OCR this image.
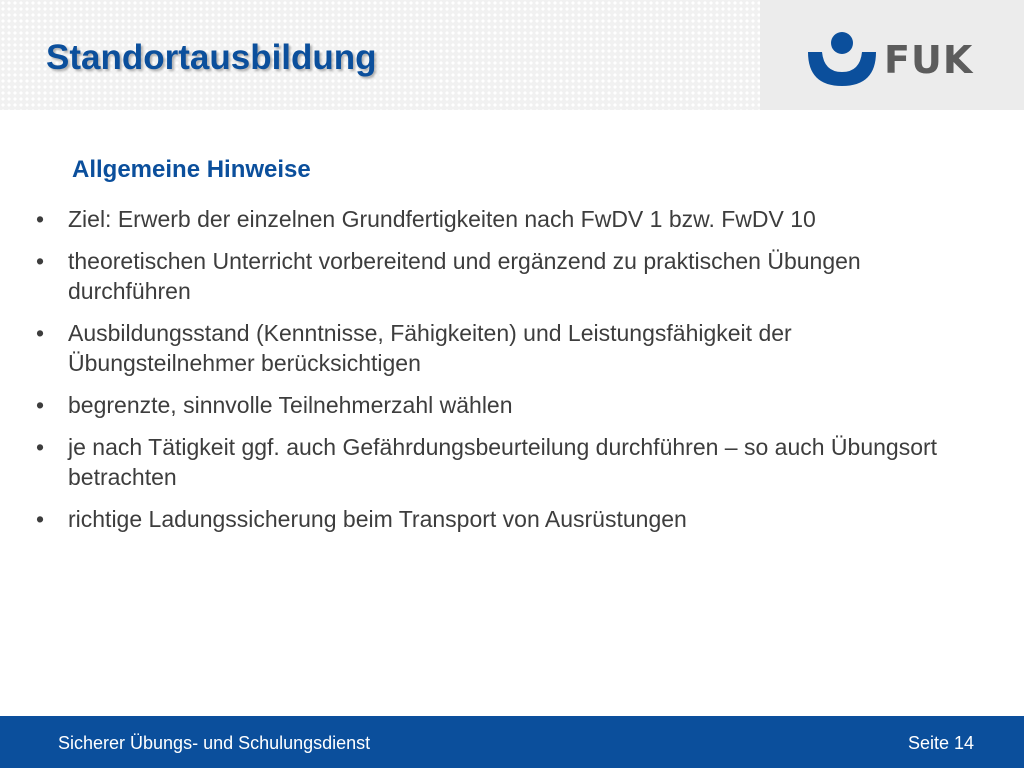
Standortausbildung	FUK
Allgemeine Hinweise
•	Ziel: Erwerb der einzelnen Grundfertigkeiten nach FwDV 1 bzw. FwDV 10
•	theoretischen Unterricht vorbereitend und ergänzend zu praktischen Übungen durchführen
•	Ausbildungsstand (Kenntnisse, Fähigkeiten) und Leistungsfähigkeit der Übungsteilnehmer berücksichtigen
•	begrenzte, sinnvolle Teilnehmerzahl wählen
•	je nach Tätigkeit ggf. auch Gefährdungsbeurteilung durchführen – so auch Übungsort betrachten
•	richtige Ladungssicherung beim Transport von Ausrüstungen
Sicherer Übungs- und Schulungsdienst	Seite 14
